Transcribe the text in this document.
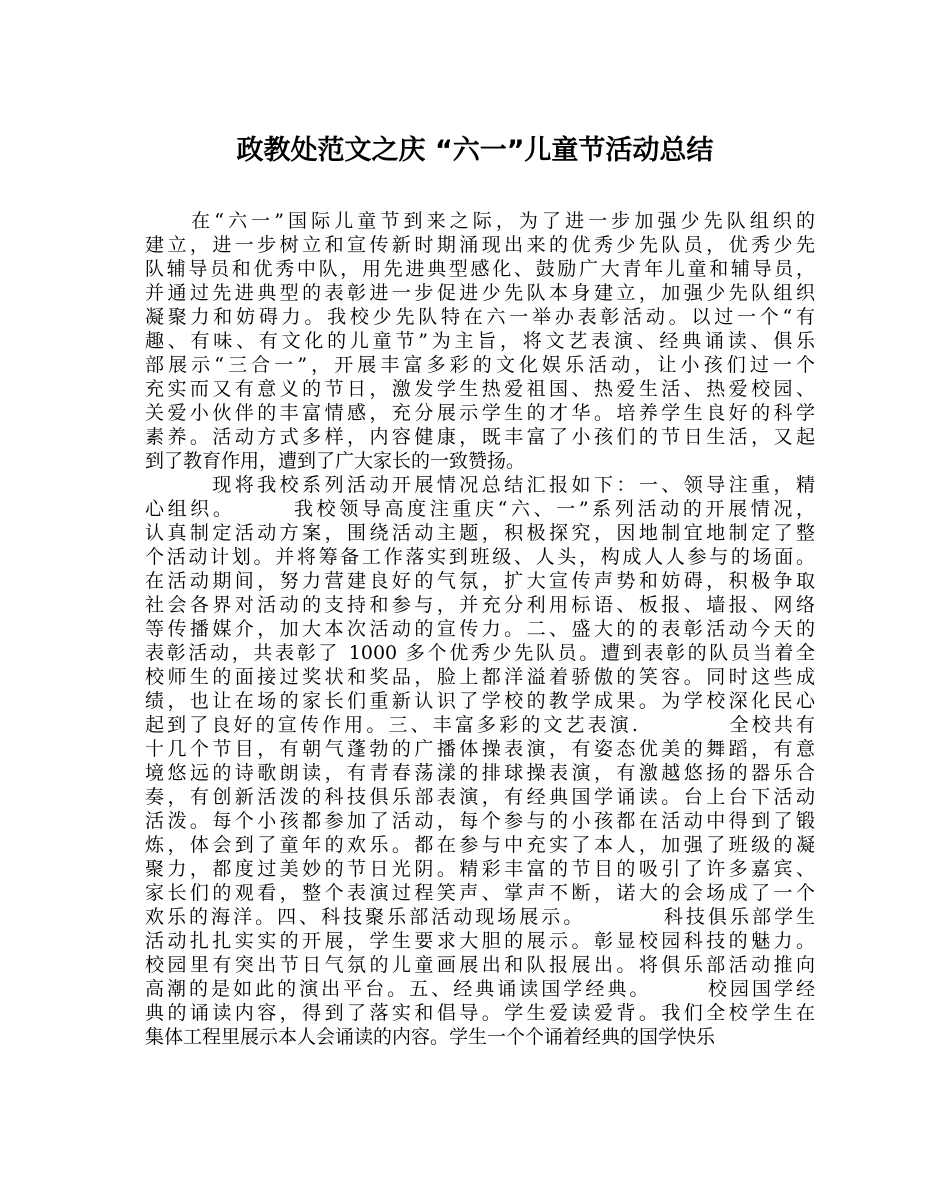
政教处范文之庆 “六一”儿童节活动总结
　　在“六一”国际儿童节到来之际，为了进一步加强少先队组织的
建立，进一步树立和宣传新时期涌现出来的优秀少先队员，优秀少先
队辅导员和优秀中队，用先进典型感化、鼓励广大青年儿童和辅导员，
并通过先进典型的表彰进一步促进少先队本身建立，加强少先队组织
凝聚力和妨碍力。我校少先队特在六一举办表彰活动。以过一个“有
趣、有味、有文化的儿童节”为主旨，将文艺表演、经典诵读、俱乐
部展示“三合一”，开展丰富多彩的文化娱乐活动，让小孩们过一个
充实而又有意义的节日，激发学生热爱祖国、热爱生活、热爱校园、
关爱小伙伴的丰富情感，充分展示学生的才华。培养学生良好的科学
素养。活动方式多样，内容健康，既丰富了小孩们的节日生活，又起
到了教育作用，遭到了广大家长的一致赞扬。
　　　现将我校系列活动开展情况总结汇报如下：一、领导注重，精
心组织。　　　我校领导高度注重庆“六、一”系列活动的开展情况，
认真制定活动方案，围绕活动主题，积极探究，因地制宜地制定了整
个活动计划。并将筹备工作落实到班级、人头，构成人人参与的场面。
在活动期间，努力营建良好的气氛，扩大宣传声势和妨碍，积极争取
社会各界对活动的支持和参与，并充分利用标语、板报、墙报、网络
等传播媒介，加大本次活动的宣传力。二、盛大的的表彰活动今天的
表彰活动，共表彰了 1000 多个优秀少先队员。遭到表彰的队员当着全
校师生的面接过奖状和奖品，脸上都洋溢着骄傲的笑容。同时这些成
绩，也让在场的家长们重新认识了学校的教学成果。为学校深化民心
起到了良好的宣传作用。三、丰富多彩的文艺表演.　　　　全校共有
十几个节目，有朝气蓬勃的广播体操表演，有姿态优美的舞蹈，有意
境悠远的诗歌朗读，有青春荡漾的排球操表演，有激越悠扬的器乐合
奏，有创新活泼的科技俱乐部表演，有经典国学诵读。台上台下活动
活泼。每个小孩都参加了活动，每个参与的小孩都在活动中得到了锻
炼，体会到了童年的欢乐。都在参与中充实了本人，加强了班级的凝
聚力，都度过美妙的节日光阴。精彩丰富的节目的吸引了许多嘉宾、
家长们的观看，整个表演过程笑声、掌声不断，诺大的会场成了一个
欢乐的海洋。四、科技聚乐部活动现场展示。　　　　科技俱乐部学生
活动扎扎实实的开展，学生要求大胆的展示。彰显校园科技的魅力。
校园里有突出节日气氛的儿童画展出和队报展出。将俱乐部活动推向
高潮的是如此的演出平台。五、经典诵读国学经典。　　　校园国学经
典的诵读内容，得到了落实和倡导。学生爱读爱背。我们全校学生在
集体工程里展示本人会诵读的内容。学生一个个诵着经典的国学快乐
